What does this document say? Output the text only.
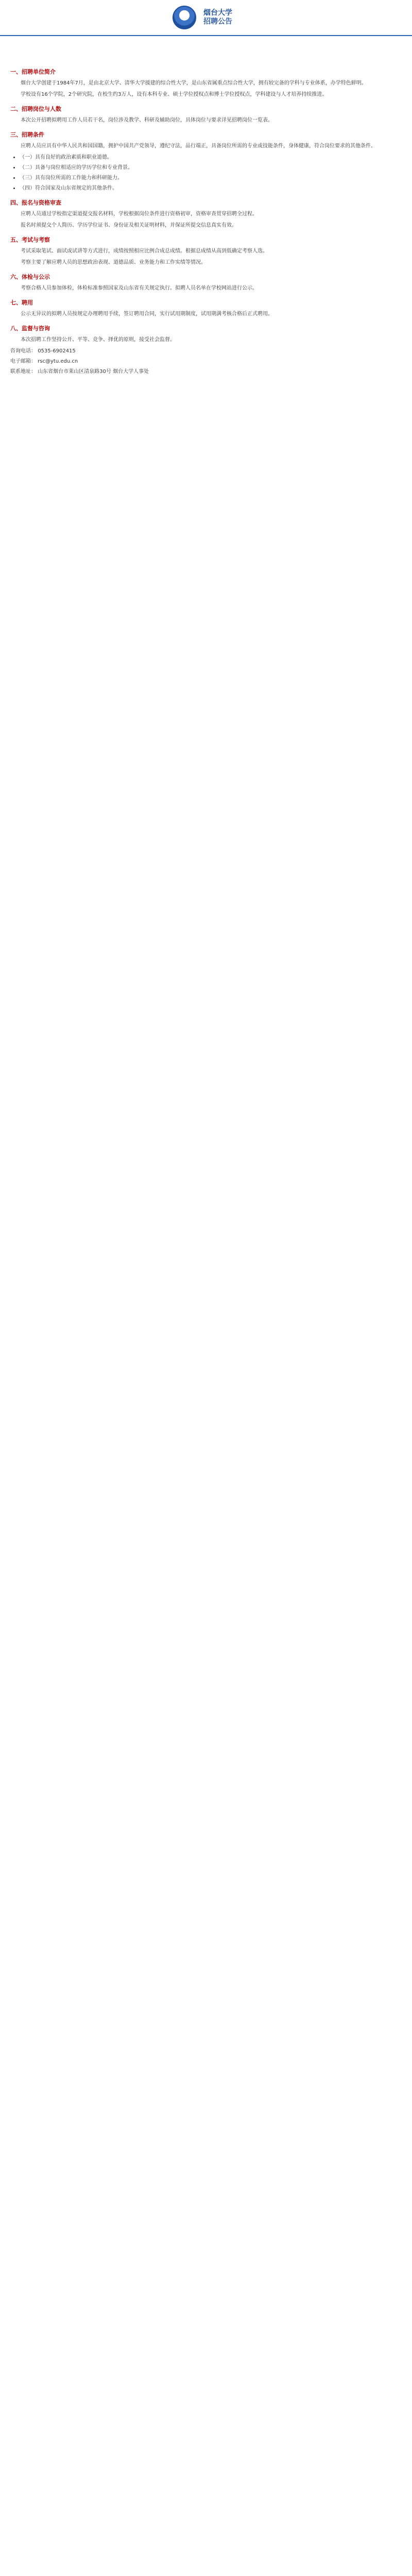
烟台大学
招聘公告
一、招聘单位简介

烟台大学创建于1984年7月，是由北京大学、清华大学援建的综合性大学，是山东省属重点综合性大学，拥有较完备的学科与专业体系，办学特色鲜明。

学校设有16个学院，2个研究院，在校生约3万人，设有本科专业、硕士学位授权点和博士学位授权点，学科建设与人才培养持续推进。

二、招聘岗位与人数

本次公开招聘拟聘用工作人员若干名，岗位涉及教学、科研及辅助岗位，具体岗位与要求详见招聘岗位一览表。

三、招聘条件

应聘人员应具有中华人民共和国国籍，拥护中国共产党领导，遵纪守法，品行端正，具备岗位所需的专业或技能条件，身体健康，符合岗位要求的其他条件。

• （一）具有良好的政治素质和职业道德。
• （二）具备与岗位相适应的学历学位和专业背景。
• （三）具有岗位所需的工作能力和科研能力。
• （四）符合国家及山东省规定的其他条件。
四、报名与资格审查

应聘人员通过学校指定渠道提交报名材料，学校根据岗位条件进行资格初审，资格审查贯穿招聘全过程。

报名时须提交个人简历、学历学位证书、身份证及相关证明材料，并保证所提交信息真实有效。

五、考试与考察

考试采取笔试、面试或试讲等方式进行，成绩按照相应比例合成总成绩。根据总成绩从高到低确定考察人选。

考察主要了解应聘人员的思想政治表现、道德品质、业务能力和工作实绩等情况。

六、体检与公示

考察合格人员参加体检，体检标准参照国家及山东省有关规定执行。拟聘人员名单在学校网站进行公示。

七、聘用

公示无异议的拟聘人员按规定办理聘用手续，签订聘用合同，实行试用期制度，试用期满考核合格后正式聘用。

八、监督与咨询

本次招聘工作坚持公开、平等、竞争、择优的原则，接受社会监督。

咨询电话： 0535-6902415

电子邮箱： rsc@ytu.edu.cn

联系地址： 山东省烟台市莱山区清泉路30号 烟台大学人事处
